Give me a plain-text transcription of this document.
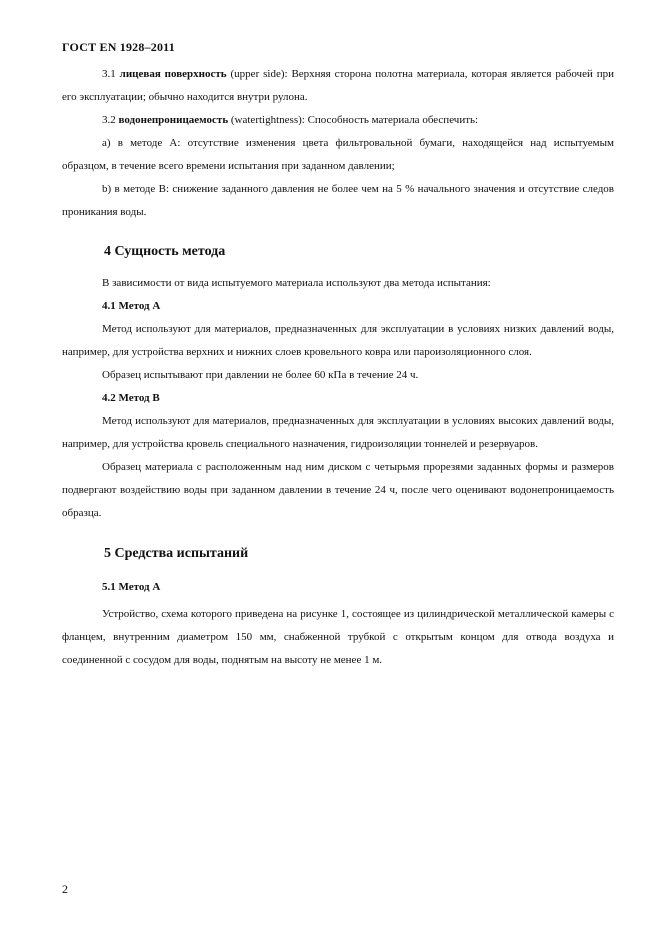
ГОСТ EN 1928–2011

3.1 лицевая поверхность (upper side): Верхняя сторона полотна материала, которая является рабочей при его эксплуатации; обычно находится внутри рулона.

3.2 водонепроницаемость (watertightness): Способность материала обеспечить:

a) в методе А: отсутствие изменения цвета фильтровальной бумаги, находящейся над испытуемым образцом, в течение всего времени испытания при заданном давлении;

b) в методе В: снижение заданного давления не более чем на 5 % начального значения и отсутствие следов проникания воды.

4 Сущность метода

В зависимости от вида испытуемого материала используют два метода испытания:

4.1 Метод А

Метод используют для материалов, предназначенных для эксплуатации в условиях низких давлений воды, например, для устройства верхних и нижних слоев кровельного ковра или пароизоляционного слоя.

Образец испытывают при давлении не более 60 кПа в течение 24 ч.

4.2 Метод В

Метод используют для материалов, предназначенных для эксплуатации в условиях высоких давлений воды, например, для устройства кровель специального назначения, гидроизоляции тоннелей и резервуаров.

Образец материала с расположенным над ним диском с четырьмя прорезями заданных формы и размеров подвергают воздействию воды при заданном давлении в течение 24 ч, после чего оценивают водонепроницаемость образца.

5 Средства испытаний

5.1 Метод А

Устройство, схема которого приведена на рисунке 1, состоящее из цилиндрической металлической камеры с фланцем, внутренним диаметром 150 мм, снабженной трубкой с открытым концом для отвода воздуха и соединенной с сосудом для воды, поднятым на высоту не менее 1 м.

2
